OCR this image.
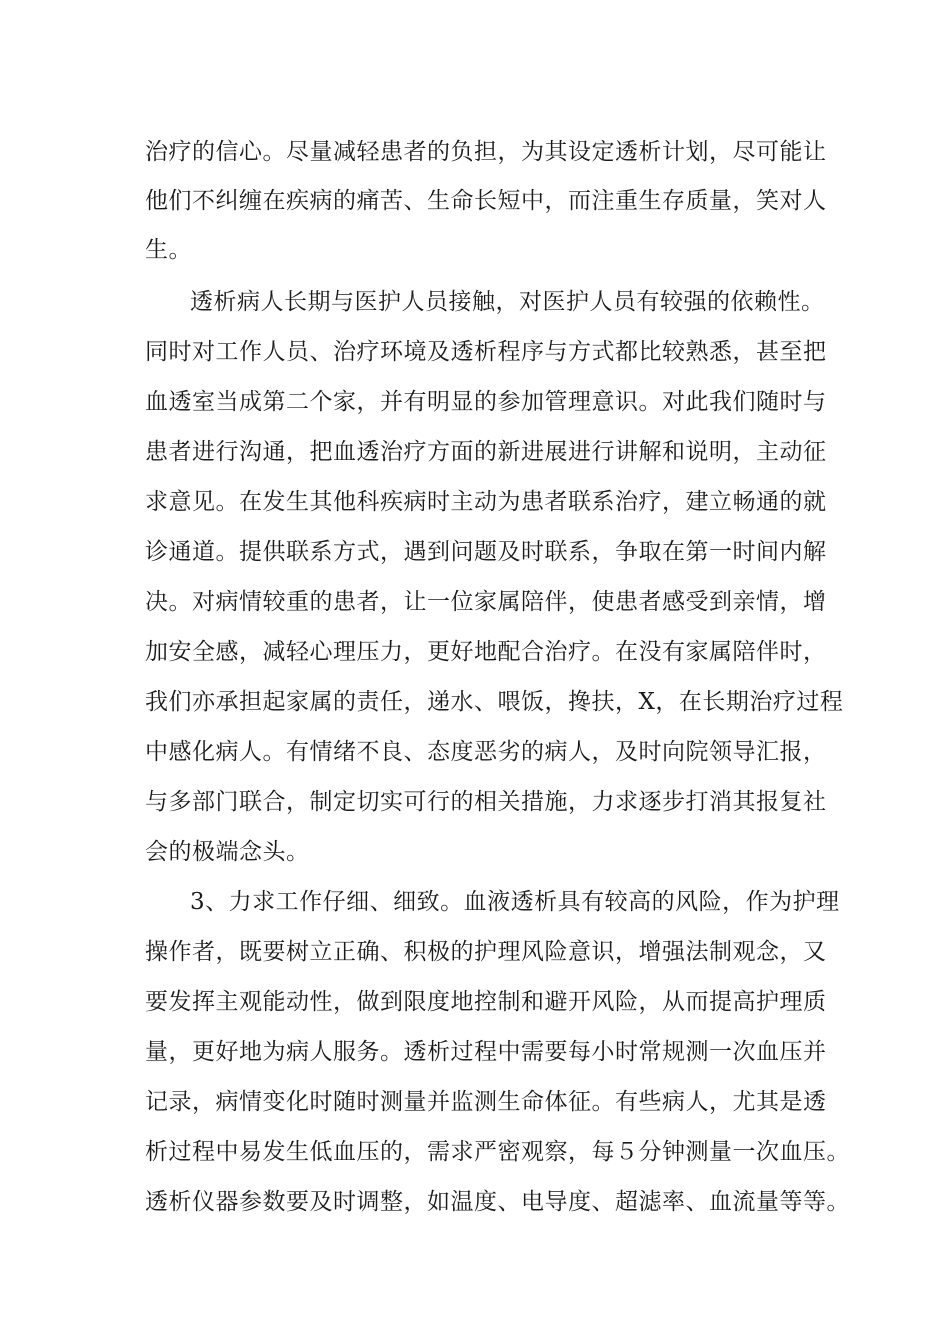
治疗的信心。尽量减轻患者的负担，为其设定透析计划，尽可能让
他们不纠缠在疾病的痛苦、生命长短中，而注重生存质量，笑对人
生。
透析病人长期与医护人员接触，对医护人员有较强的依赖性。
同时对工作人员、治疗环境及透析程序与方式都比较熟悉，甚至把
血透室当成第二个家，并有明显的参加管理意识。对此我们随时与
患者进行沟通，把血透治疗方面的新进展进行讲解和说明，主动征
求意见。在发生其他科疾病时主动为患者联系治疗，建立畅通的就
诊通道。提供联系方式，遇到问题及时联系，争取在第一时间内解
决。对病情较重的患者，让一位家属陪伴，使患者感受到亲情，增
加安全感，减轻心理压力，更好地配合治疗。在没有家属陪伴时，
我们亦承担起家属的责任，递水、喂饭，搀扶，X，在长期治疗过程
中感化病人。有情绪不良、态度恶劣的病人，及时向院领导汇报，
与多部门联合，制定切实可行的相关措施，力求逐步打消其报复社
会的极端念头。
3、力求工作仔细、细致。血液透析具有较高的风险，作为护理
操作者，既要树立正确、积极的护理风险意识，增强法制观念，又
要发挥主观能动性，做到限度地控制和避开风险，从而提高护理质
量，更好地为病人服务。透析过程中需要每小时常规测一次血压并
记录，病情变化时随时测量并监测生命体征。有些病人，尤其是透
析过程中易发生低血压的，需求严密观察，每５分钟测量一次血压。
透析仪器参数要及时调整，如温度、电导度、超滤率、血流量等等。
